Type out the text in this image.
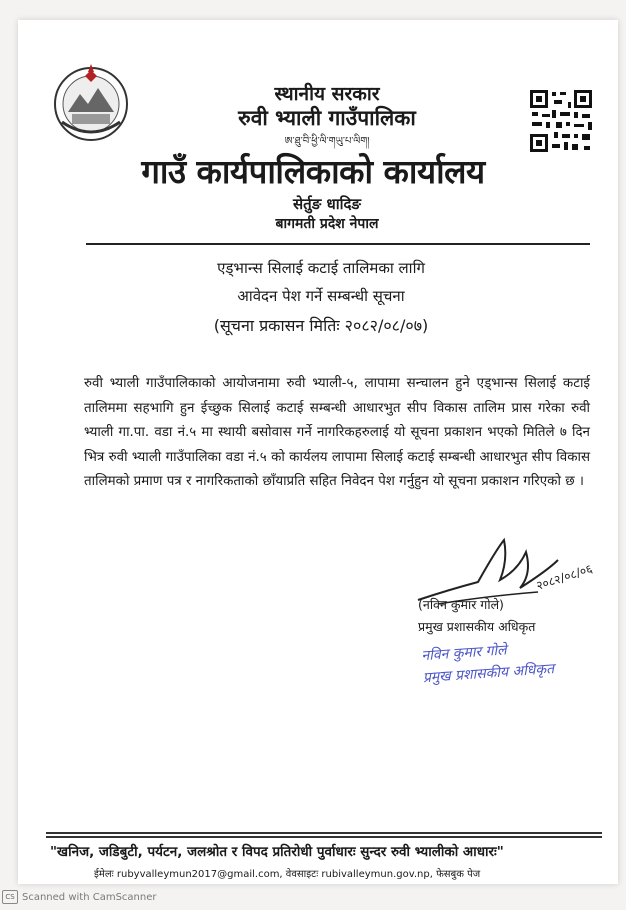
स्थानीय सरकार
रुवी भ्याली गाउँपालिका
ཨ་ཐུ་བི་ཕྱི་ལི་གཡུ་པ་ལིག།
गाउँ कार्यपालिकाको कार्यालय
सेर्तुङ धादिङ
बागमती प्रदेश नेपाल
एड्भान्स सिलाई कटाई तालिमका लागि
आवेदन पेश गर्ने सम्बन्धी सूचना
(सूचना प्रकासन मितिः २०८२/०८/०७)
रुवी भ्याली गाउँपालिकाको आयोजनामा रुवी भ्याली-५, लापामा सन्चालन हुने एड्भान्स सिलाई कटाई तालिममा सहभागि हुन ईच्छुक सिलाई कटाई सम्बन्धी आधारभुत सीप विकास तालिम प्रास गरेका रुवी भ्याली गा.पा. वडा नं.५ मा स्थायी बसोवास गर्ने नागरिकहरुलाई यो सूचना प्रकाशन भएको मितिले ७ दिन भित्र रुवी भ्याली गाउँपालिका वडा नं.५ को कार्यलय लापामा सिलाई कटाई सम्बन्धी आधारभुत सीप विकास तालिमको प्रमाण पत्र र नागरिकताको छाँयाप्रति सहित निवेदन पेश गर्नुहुन यो सूचना प्रकाशन गरिएको छ ।
२०८२/०८/०६
(नविन कुमार गोले)
प्रमुख प्रशासकीय अधिकृत
नविन कुमार गोले
प्रमुख प्रशासकीय अधिकृत
"खनिज, जडिबुटी, पर्यटन, जलश्रोत र विपद प्रतिरोधी पुर्वाधारः सुन्दर रुवी भ्यालीको आधारः"
ईमेलः rubyvalleymun2017@gmail.com, वेवसाइटः rubivalleymun.gov.np, फेसबुक पेज
CS Scanned with CamScanner
